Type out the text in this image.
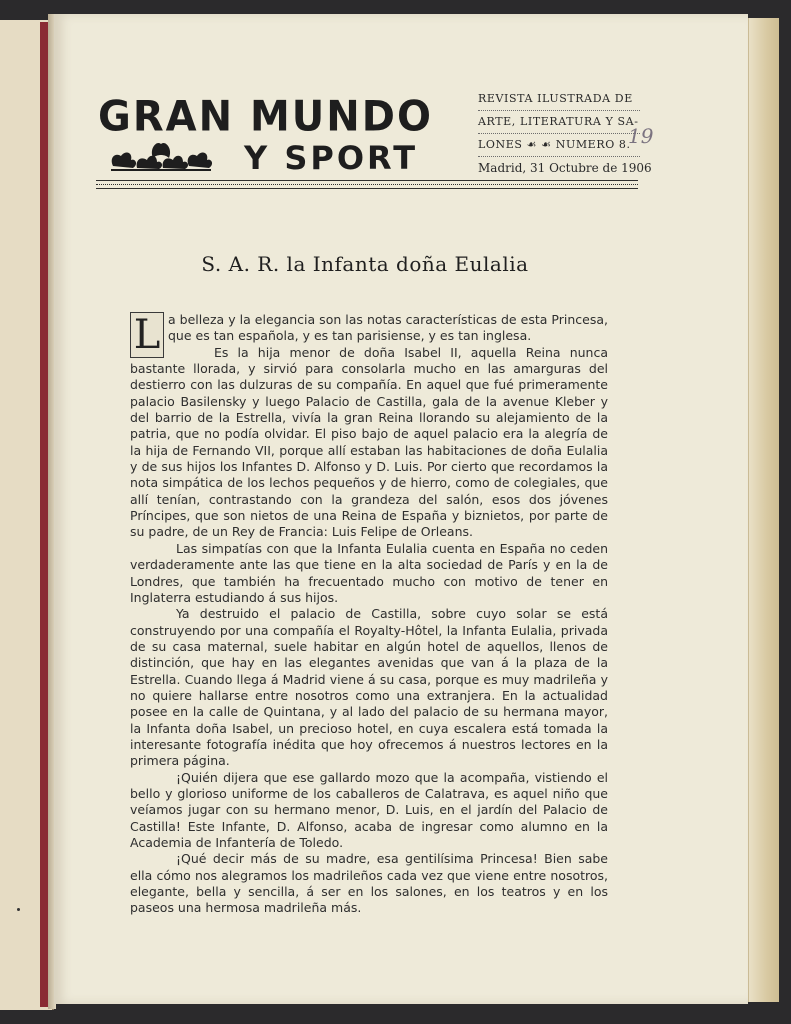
GRAN MUNDO
Y SPORT
REVISTA ILUSTRADA DE
ARTE, LITERATURA Y SA-
LONES ☙ ☙ NUMERO 8.
Madrid, 31 Octubre de 1906
19
S. A. R. la Infanta doña Eulalia

L a belleza y la elegancia son las notas características de esta Princesa, que es tan española, y es tan parisiense, y es tan inglesa.

Es la hija menor de doña Isabel II, aquella Reina nunca bastante llorada, y sirvió para consolarla mucho en las amarguras del destierro con las dulzuras de su compañía. En aquel que fué primeramente palacio Basilensky y luego Palacio de Castilla, gala de la avenue Kleber y del barrio de la Estrella, vivía la gran Reina llorando su alejamiento de la patria, que no podía olvidar. El piso bajo de aquel palacio era la alegría de la hija de Fernando VII, porque allí estaban las habitaciones de doña Eulalia y de sus hijos los Infantes D. Alfonso y D. Luis. Por cierto que recordamos la nota simpática de los lechos pequeños y de hierro, como de colegiales, que allí tenían, contrastando con la grandeza del salón, esos dos jóvenes Príncipes, que son nietos de una Reina de España y biznietos, por parte de su padre, de un Rey de Francia: Luis Felipe de Orleans.

Las simpatías con que la Infanta Eulalia cuenta en España no ceden verdaderamente ante las que tiene en la alta sociedad de París y en la de Londres, que también ha frecuentado mucho con motivo de tener en Inglaterra estudiando á sus hijos.

Ya destruido el palacio de Castilla, sobre cuyo solar se está construyendo por una compañía el Royalty-Hôtel, la Infanta Eulalia, privada de su casa maternal, suele habitar en algún hotel de aquellos, llenos de distinción, que hay en las elegantes avenidas que van á la plaza de la Estrella. Cuando llega á Madrid viene á su casa, porque es muy madrileña y no quiere hallarse entre nosotros como una extranjera. En la actualidad posee en la calle de Quintana, y al lado del palacio de su hermana mayor, la Infanta doña Isabel, un precioso hotel, en cuya escalera está tomada la interesante fotografía inédita que hoy ofrecemos á nuestros lectores en la primera página.

¡Quién dijera que ese gallardo mozo que la acompaña, vistiendo el bello y glorioso uniforme de los caballeros de Calatrava, es aquel niño que veíamos jugar con su hermano menor, D. Luis, en el jardín del Palacio de Castilla! Este Infante, D. Alfonso, acaba de ingresar como alumno en la Academia de Infantería de Toledo.

¡Qué decir más de su madre, esa gentilísima Princesa! Bien sabe ella cómo nos alegramos los madrileños cada vez que viene entre nosotros, elegante, bella y sencilla, á ser en los salones, en los teatros y en los paseos una hermosa madrileña más.
